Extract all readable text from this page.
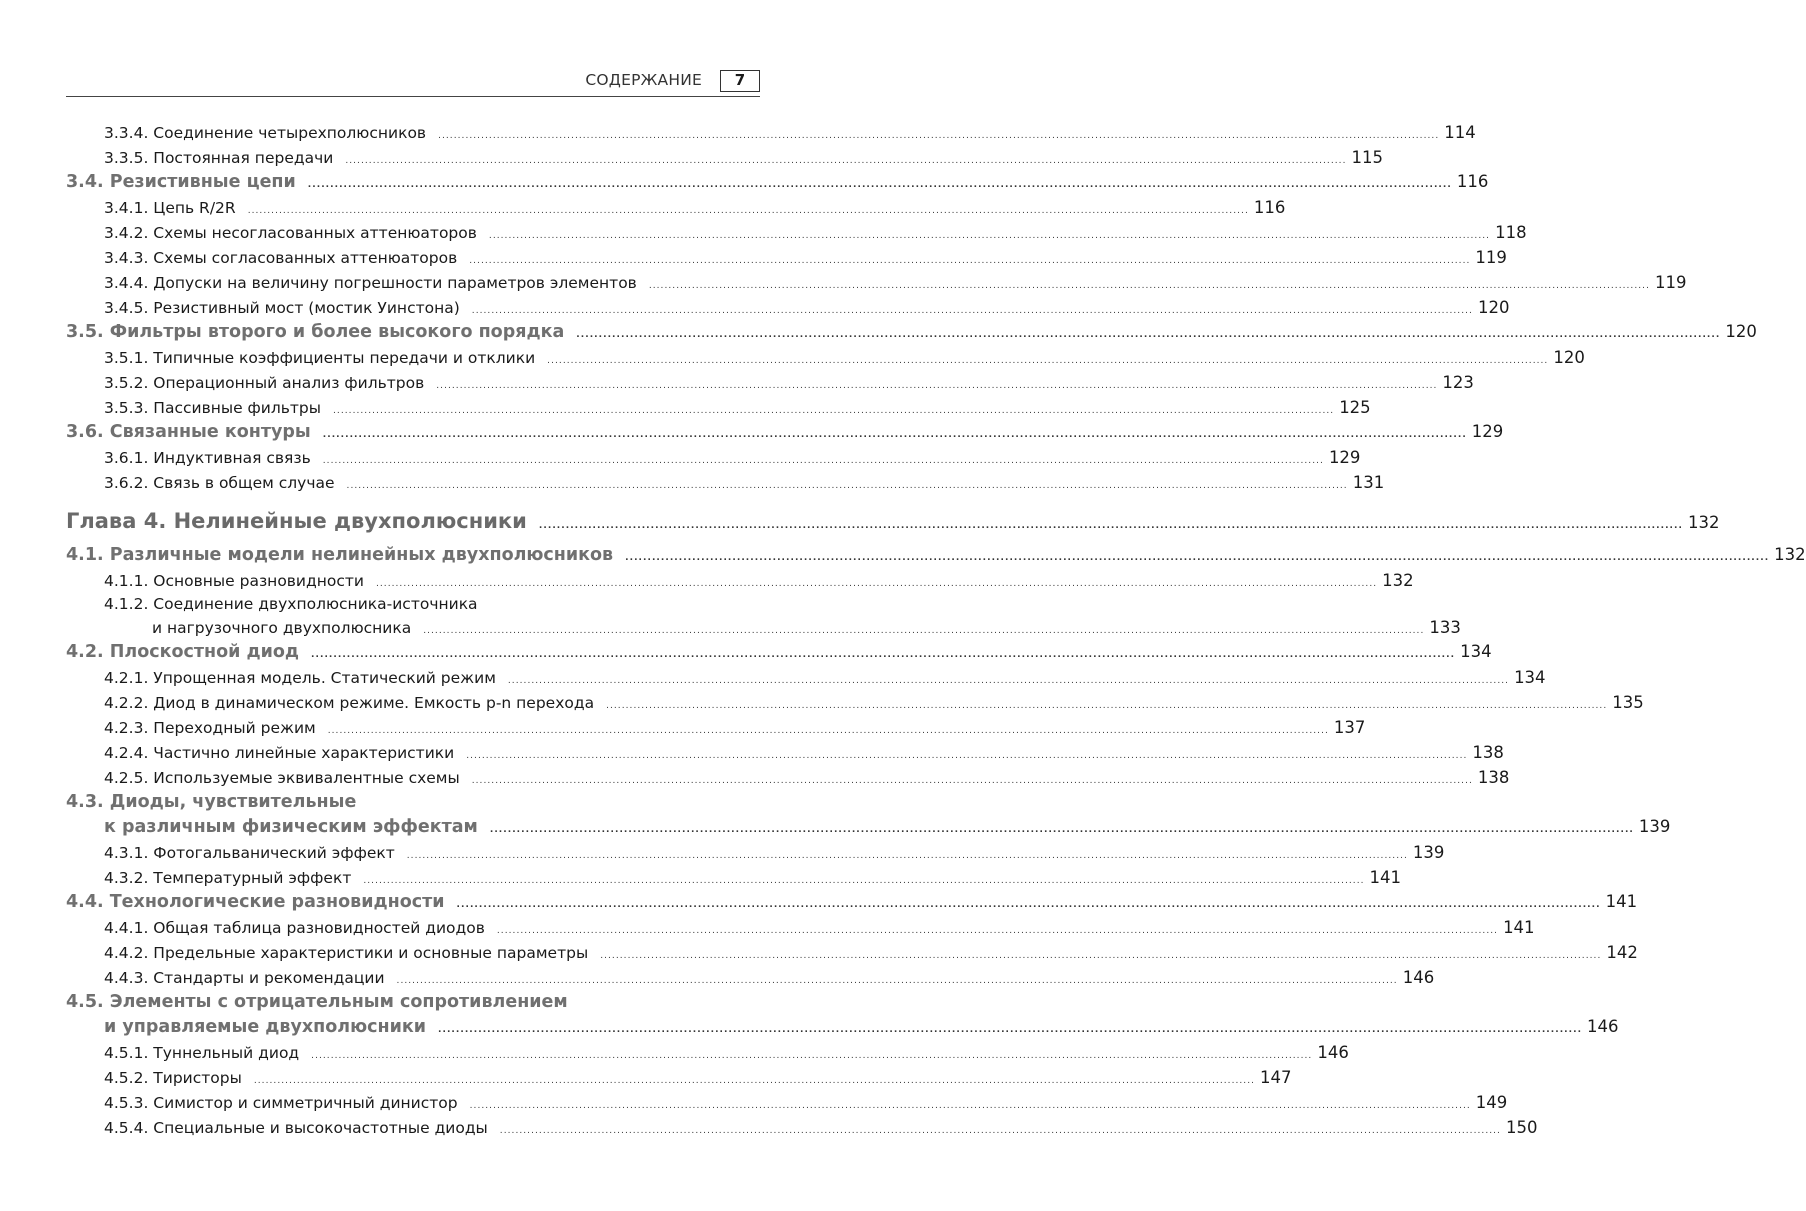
СОДЕРЖАНИЕ	7
3.3.4. Соединение четырехполюсников .....	114
3.3.5. Постоянная передачи .....	115
3.4. Резистивные цепи .....	116
3.4.1. Цепь R/2R .....	116
3.4.2. Схемы несогласованных аттенюаторов .....	118
3.4.3. Схемы согласованных аттенюаторов .....	119
3.4.4. Допуски на величину погрешности параметров элементов .....	119
3.4.5. Резистивный мост (мостик Уинстона) .....	120
3.5. Фильтры второго и более высокого порядка .....	120
3.5.1. Типичные коэффициенты передачи и отклики .....	120
3.5.2. Операционный анализ фильтров .....	123
3.5.3. Пассивные фильтры .....	125
3.6. Связанные контуры .....	129
3.6.1. Индуктивная связь .....	129
3.6.2. Связь в общем случае .....	131
Глава 4. Нелинейные двухполюсники .....	132
4.1. Различные модели нелинейных двухполюсников .....	132
4.1.1. Основные разновидности .....	132
4.1.2. Соединение двухполюсника-источника
и нагрузочного двухполюсника .....	133
4.2. Плоскостной диод .....	134
4.2.1. Упрощенная модель. Статический режим .....	134
4.2.2. Диод в динамическом режиме. Емкость p-n перехода .....	135
4.2.3. Переходный режим .....	137
4.2.4. Частично линейные характеристики .....	138
4.2.5. Используемые эквивалентные схемы .....	138
4.3. Диоды, чувствительные
к различным физическим эффектам .....	139
4.3.1. Фотогальванический эффект .....	139
4.3.2. Температурный эффект .....	141
4.4. Технологические разновидности .....	141
4.4.1. Общая таблица разновидностей диодов .....	141
4.4.2. Предельные характеристики и основные параметры .....	142
4.4.3. Стандарты и рекомендации .....	146
4.5. Элементы с отрицательным сопротивлением
и управляемые двухполюсники .....	146
4.5.1. Туннельный диод .....	146
4.5.2. Тиристоры .....	147
4.5.3. Симистор и симметричный динистор .....	149
4.5.4. Специальные и высокочастотные диоды .....	150
